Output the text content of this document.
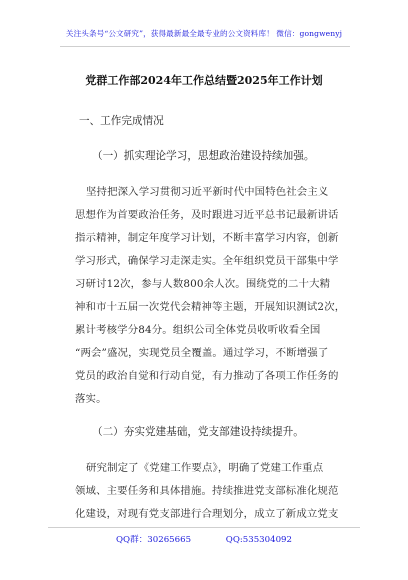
关注头条号“公文研究”，获得最新最全最专业的公文资料库！ 微信：gongwenyj
党群工作部2024年工作总结暨2025年工作计划
一、工作完成情况
（一）抓实理论学习，思想政治建设持续加强。
坚持把深入学习贯彻习近平新时代中国特色社会主义
思想作为首要政治任务，及时跟进习近平总书记最新讲话
指示精神，制定年度学习计划，不断丰富学习内容，创新
学习形式，确保学习走深走实。全年组织党员干部集中学
习研讨12次，参与人数800余人次。围绕党的二十大精
神和市十五届一次党代会精神等主题，开展知识测试2次，
累计考核学分84分。组织公司全体党员收听收看全国
“两会”盛况，实现党员全覆盖。通过学习，不断增强了
党员的政治自觉和行动自觉，有力推动了各项工作任务的
落实。
（二）夯实党建基础，党支部建设持续提升。
研究制定了《党建工作要点》，明确了党建工作重点
领域、主要任务和具体措施。持续推进党支部标准化规范
化建设，对现有党支部进行合理划分，成立了新成立党支
QQ群：30265665	QQ:535304092
